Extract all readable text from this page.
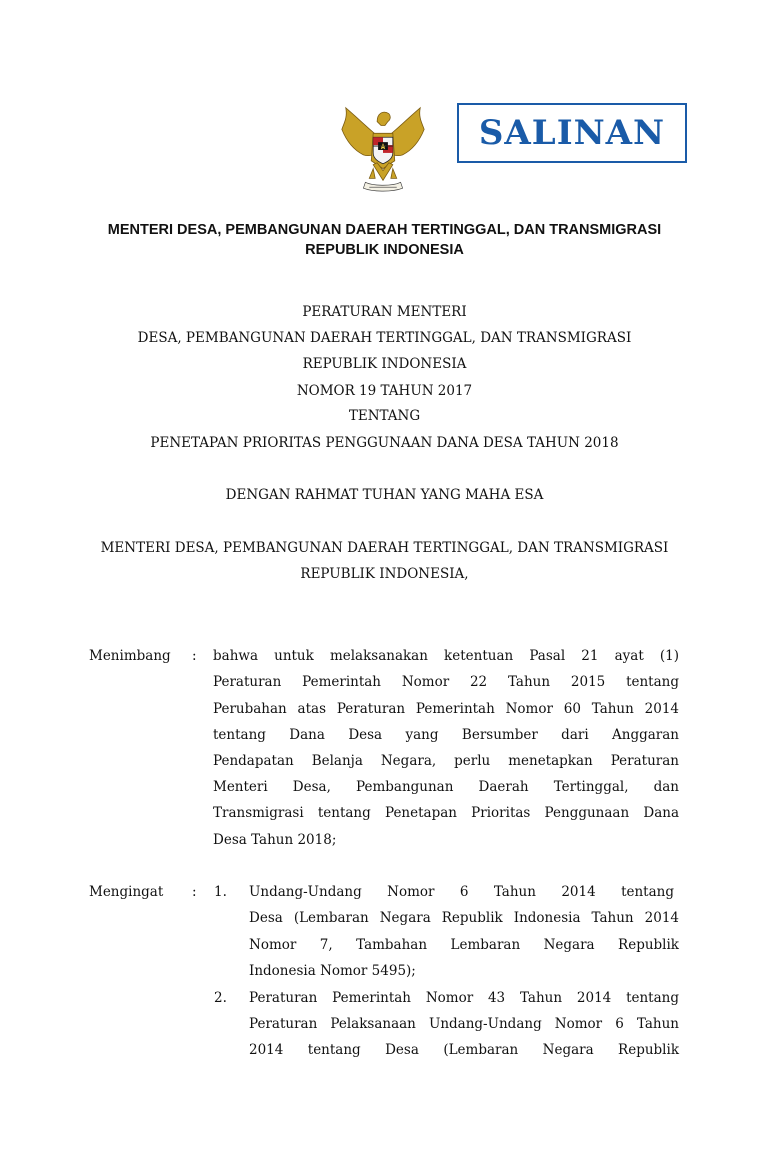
SALINAN
MENTERI DESA, PEMBANGUNAN DAERAH TERTINGGAL, DAN TRANSMIGRASI
REPUBLIK INDONESIA
PERATURAN MENTERI
DESA, PEMBANGUNAN DAERAH TERTINGGAL, DAN TRANSMIGRASI
REPUBLIK INDONESIA
NOMOR 19 TAHUN 2017
TENTANG
PENETAPAN PRIORITAS PENGGUNAAN DANA DESA TAHUN 2018
DENGAN RAHMAT TUHAN YANG MAHA ESA
MENTERI DESA, PEMBANGUNAN DAERAH TERTINGGAL, DAN TRANSMIGRASI
REPUBLIK INDONESIA,
Menimbang : bahwa untuk melaksanakan ketentuan Pasal 21 ayat (1)
Peraturan Pemerintah Nomor 22 Tahun 2015 tentang
Perubahan atas Peraturan Pemerintah Nomor 60 Tahun 2014
tentang Dana Desa yang Bersumber dari Anggaran
Pendapatan Belanja Negara, perlu menetapkan Peraturan
Menteri Desa, Pembangunan Daerah Tertinggal, dan
Transmigrasi tentang Penetapan Prioritas Penggunaan Dana
Desa Tahun 2018;
Mengingat : 1. Undang-Undang Nomor 6 Tahun 2014 tentang
Desa (Lembaran Negara Republik Indonesia Tahun 2014
Nomor 7, Tambahan Lembaran Negara Republik
Indonesia Nomor 5495);
2. Peraturan Pemerintah Nomor 43 Tahun 2014 tentang
Peraturan Pelaksanaan Undang-Undang Nomor 6 Tahun
2014 tentang Desa (Lembaran Negara Republik
